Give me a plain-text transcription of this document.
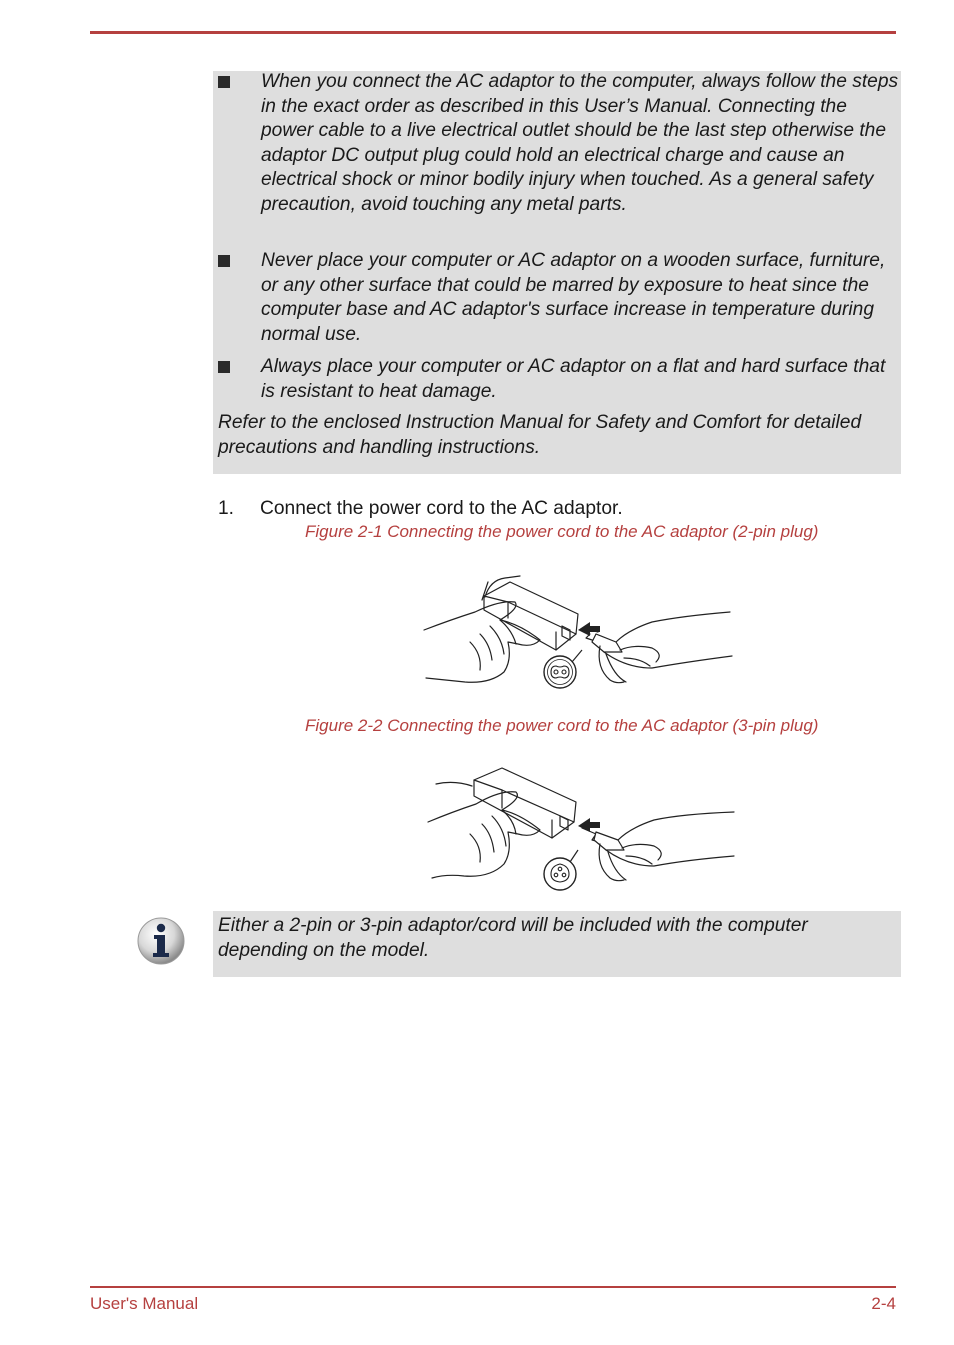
When you connect the AC adaptor to the computer, always follow the steps in the exact order as described in this User’s Manual. Connecting the power cable to a live electrical outlet should be the last step otherwise the adaptor DC output plug could hold an electrical charge and cause an electrical shock or minor bodily injury when touched. As a general safety precaution, avoid touching any metal parts.
Never place your computer or AC adaptor on a wooden surface, furniture, or any other surface that could be marred by exposure to heat since the computer base and AC adaptor's surface increase in temperature during normal use.
Always place your computer or AC adaptor on a flat and hard surface that is resistant to heat damage.
Refer to the enclosed Instruction Manual for Safety and Comfort for detailed precautions and handling instructions.
1. Connect the power cord to the AC adaptor.
Figure 2-1 Connecting the power cord to the AC adaptor (2-pin plug)
Figure 2-2 Connecting the power cord to the AC adaptor (3-pin plug)
Either a 2-pin or 3-pin adaptor/cord will be included with the computer depending on the model.
User's Manual	2-4
